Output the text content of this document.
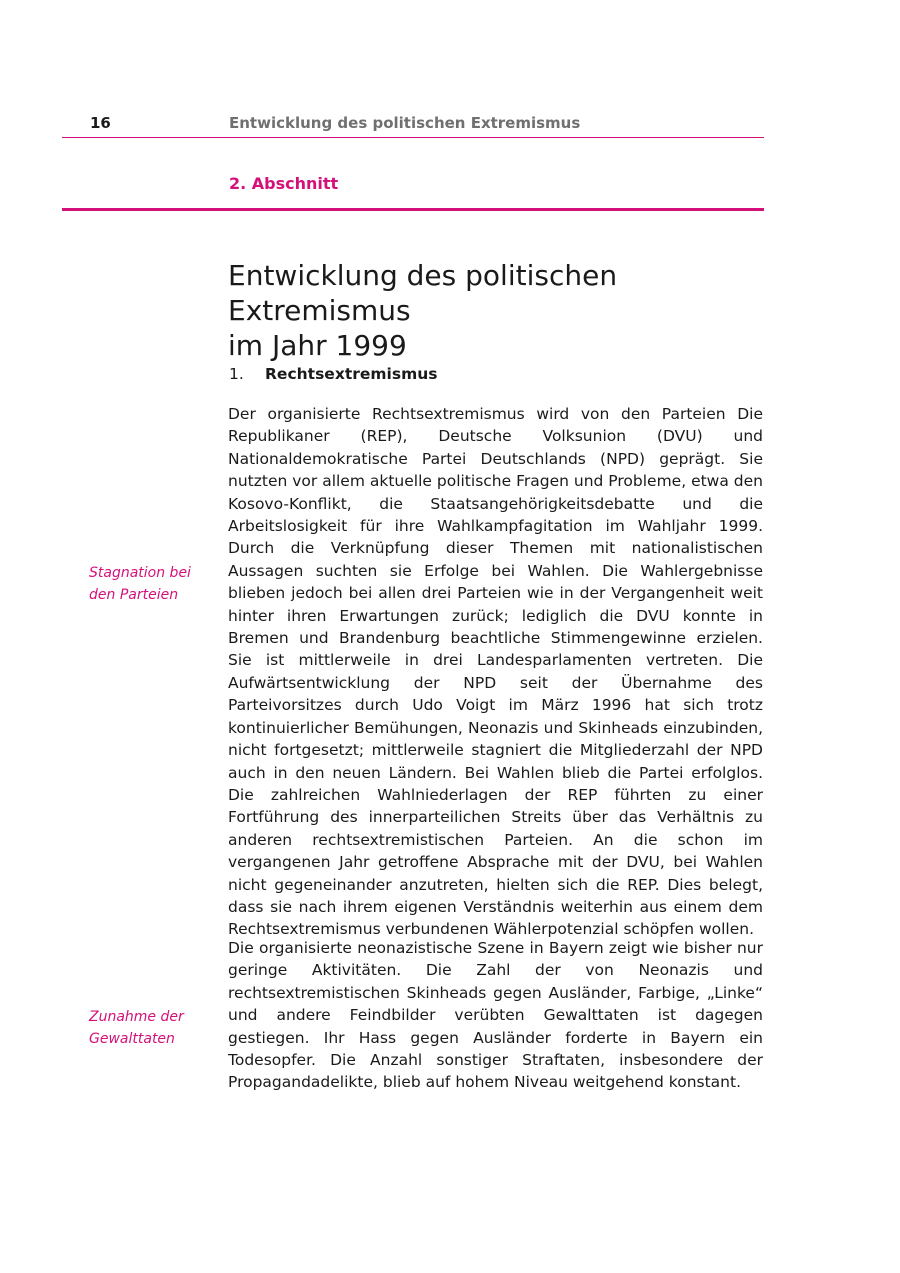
16	Entwicklung des politischen Extremismus
2. Abschnitt
Entwicklung des politischen Extremismus
im Jahr 1999
1. Rechtsextremismus
Stagnation bei
den Parteien
Zunahme der
Gewalttaten

Der organisierte Rechtsextremismus wird von den Parteien Die Republikaner (REP), Deutsche Volksunion (DVU) und Nationaldemokratische Partei Deutschlands (NPD) geprägt. Sie nutzten vor allem aktuelle politische Fragen und Probleme, etwa den Kosovo-Konflikt, die Staatsangehörigkeitsdebatte und die Arbeitslosigkeit für ihre Wahlkampfagitation im Wahljahr 1999. Durch die Verknüpfung dieser Themen mit nationalistischen Aussagen suchten sie Erfolge bei Wahlen. Die Wahlergebnisse blieben jedoch bei allen drei Parteien wie in der Vergangenheit weit hinter ihren Erwartungen zurück; lediglich die DVU konnte in Bremen und Brandenburg beachtliche Stimmengewinne erzielen. Sie ist mittlerweile in drei Landesparlamenten vertreten. Die Aufwärtsentwicklung der NPD seit der Übernahme des Parteivorsitzes durch Udo Voigt im März 1996 hat sich trotz kontinuierlicher Bemühungen, Neonazis und Skinheads einzubinden, nicht fortgesetzt; mittlerweile stagniert die Mitgliederzahl der NPD auch in den neuen Ländern. Bei Wahlen blieb die Partei erfolglos. Die zahlreichen Wahlniederlagen der REP führten zu einer Fortführung des innerparteilichen Streits über das Verhältnis zu anderen rechtsextremistischen Parteien. An die schon im vergangenen Jahr getroffene Absprache mit der DVU, bei Wahlen nicht gegeneinander anzutreten, hielten sich die REP. Dies belegt, dass sie nach ihrem eigenen Verständnis weiterhin aus einem dem Rechtsextremismus verbundenen Wählerpotenzial schöpfen wollen.

Die organisierte neonazistische Szene in Bayern zeigt wie bisher nur geringe Aktivitäten. Die Zahl der von Neonazis und rechtsextremistischen Skinheads gegen Ausländer, Farbige, „Linke“ und andere Feindbilder verübten Gewalttaten ist dagegen gestiegen. Ihr Hass gegen Ausländer forderte in Bayern ein Todesopfer. Die Anzahl sonstiger Straftaten, insbesondere der Propagandadelikte, blieb auf hohem Niveau weitgehend konstant.
